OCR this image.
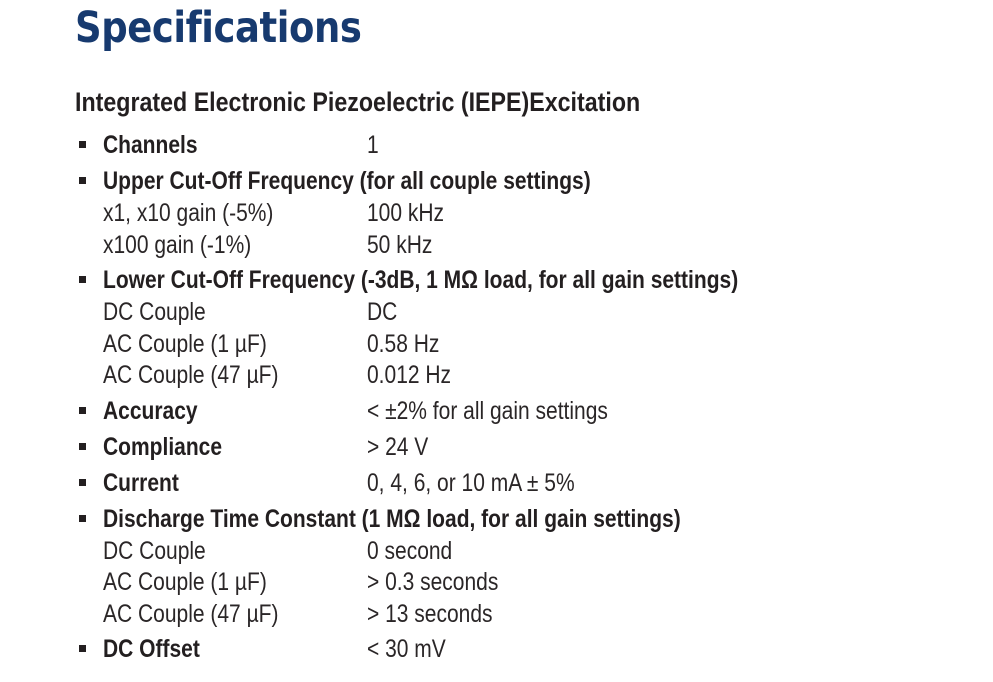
Specifications
Integrated Electronic Piezoelectric (IEPE)Excitation
Channels	1
Upper Cut-Off Frequency (for all couple settings)
x1, x10 gain (-5%)	100 kHz
x100 gain (-1%)	50 kHz
Lower Cut-Off Frequency (-3dB, 1 MΩ load, for all gain settings)
DC Couple	DC
AC Couple (1 µF)	0.58 Hz
AC Couple (47 µF)	0.012 Hz
Accuracy	< ±2% for all gain settings
Compliance	> 24 V
Current	0, 4, 6, or 10 mA ± 5%
Discharge Time Constant (1 MΩ load, for all gain settings)
DC Couple	0 second
AC Couple (1 µF)	> 0.3 seconds
AC Couple (47 µF)	> 13 seconds
DC Offset	< 30 mV
